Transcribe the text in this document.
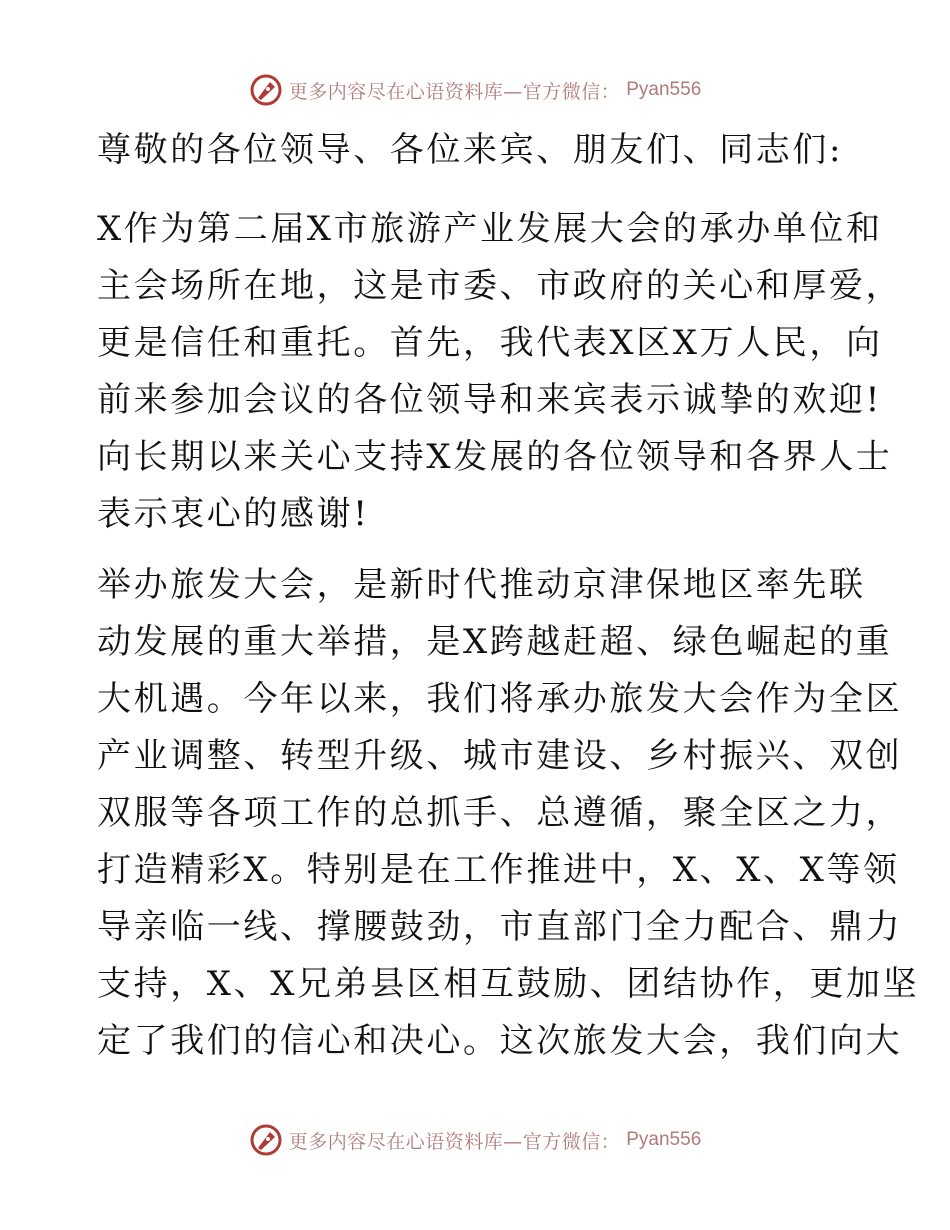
更多内容尽在心语资料库—官方微信： Pyan556

尊敬的各位领导、各位来宾、朋友们、同志们:

X作为第二届X市旅游产业发展大会的承办单位和
主会场所在地，这是市委、市政府的关心和厚爱，
更是信任和重托。首先，我代表X区X万人民，向
前来参加会议的各位领导和来宾表示诚挚的欢迎!
向长期以来关心支持X发展的各位领导和各界人士
表示衷心的感谢!

举办旅发大会，是新时代推动京津保地区率先联
动发展的重大举措，是X跨越赶超、绿色崛起的重
大机遇。今年以来，我们将承办旅发大会作为全区
产业调整、转型升级、城市建设、乡村振兴、双创
双服等各项工作的总抓手、总遵循，聚全区之力，
打造精彩X。特别是在工作推进中，X、X、X等领
导亲临一线、撑腰鼓劲，市直部门全力配合、鼎力
支持，X、X兄弟县区相互鼓励、团结协作，更加坚
定了我们的信心和决心。这次旅发大会，我们向大

更多内容尽在心语资料库—官方微信： Pyan556
